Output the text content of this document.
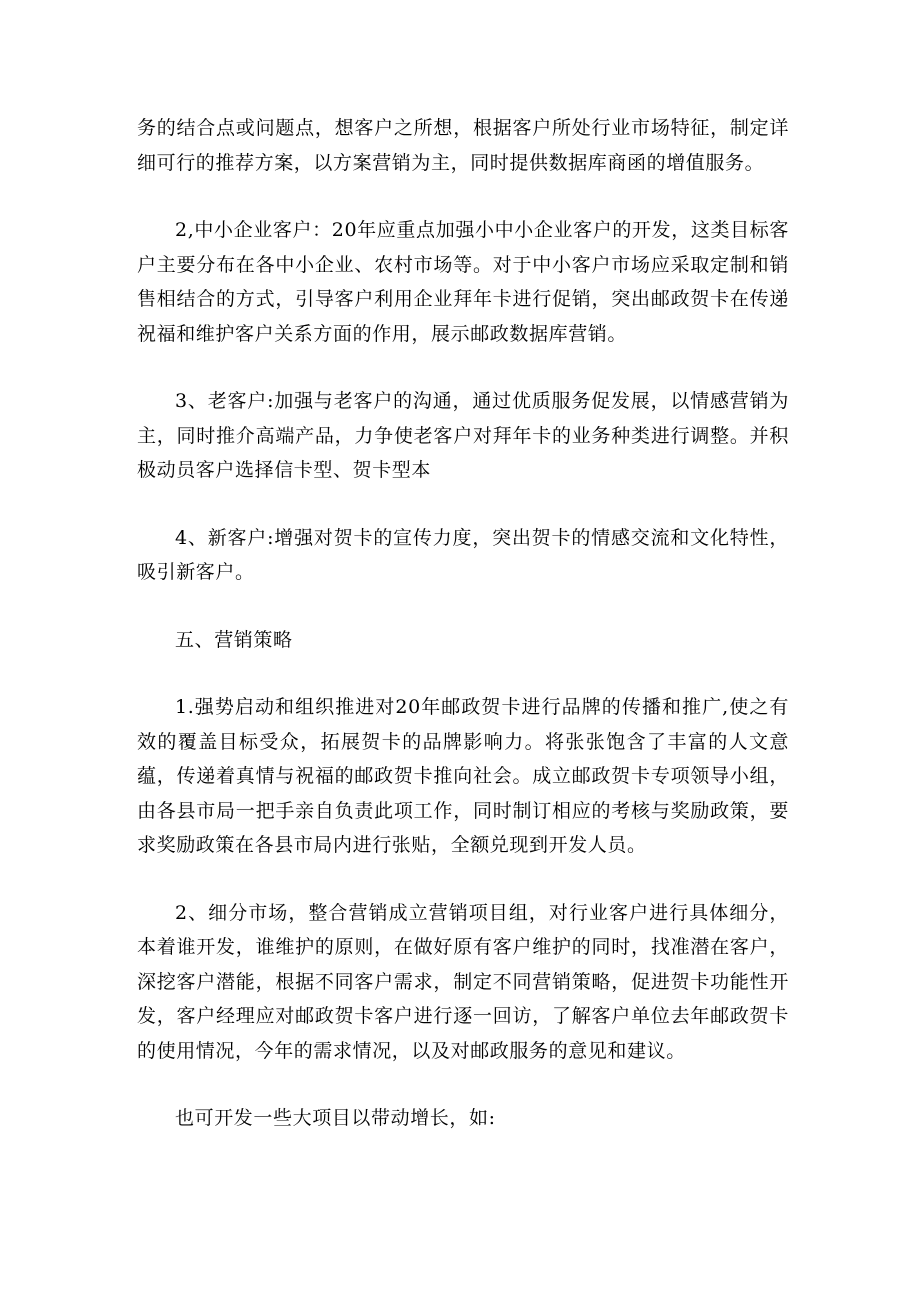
务的结合点或问题点，想客户之所想，根据客户所处行业市场特征，制定详细可行的推荐方案，以方案营销为主，同时提供数据库商函的增值服务。

2,中小企业客户：20年应重点加强小中小企业客户的开发，这类目标客户主要分布在各中小企业、农村市场等。对于中小客户市场应采取定制和销售相结合的方式，引导客户利用企业拜年卡进行促销，突出邮政贺卡在传递祝福和维护客户关系方面的作用，展示邮政数据库营销。

3、老客户:加强与老客户的沟通，通过优质服务促发展，以情感营销为主，同时推介高端产品，力争使老客户对拜年卡的业务种类进行调整。并积极动员客户选择信卡型、贺卡型本

4、新客户:增强对贺卡的宣传力度，突出贺卡的情感交流和文化特性，吸引新客户。

五、营销策略

1.强势启动和组织推进对20年邮政贺卡进行品牌的传播和推广,使之有效的覆盖目标受众，拓展贺卡的品牌影响力。将张张饱含了丰富的人文意蕴，传递着真情与祝福的邮政贺卡推向社会。成立邮政贺卡专项领导小组，由各县市局一把手亲自负责此项工作，同时制订相应的考核与奖励政策，要求奖励政策在各县市局内进行张贴，全额兑现到开发人员。

2、细分市场，整合营销成立营销项目组，对行业客户进行具体细分，本着谁开发，谁维护的原则，在做好原有客户维护的同时，找准潜在客户，深挖客户潜能，根据不同客户需求，制定不同营销策略，促进贺卡功能性开发，客户经理应对邮政贺卡客户进行逐一回访，了解客户单位去年邮政贺卡的使用情况，今年的需求情况，以及对邮政服务的意见和建议。

也可开发一些大项目以带动增长，如:
